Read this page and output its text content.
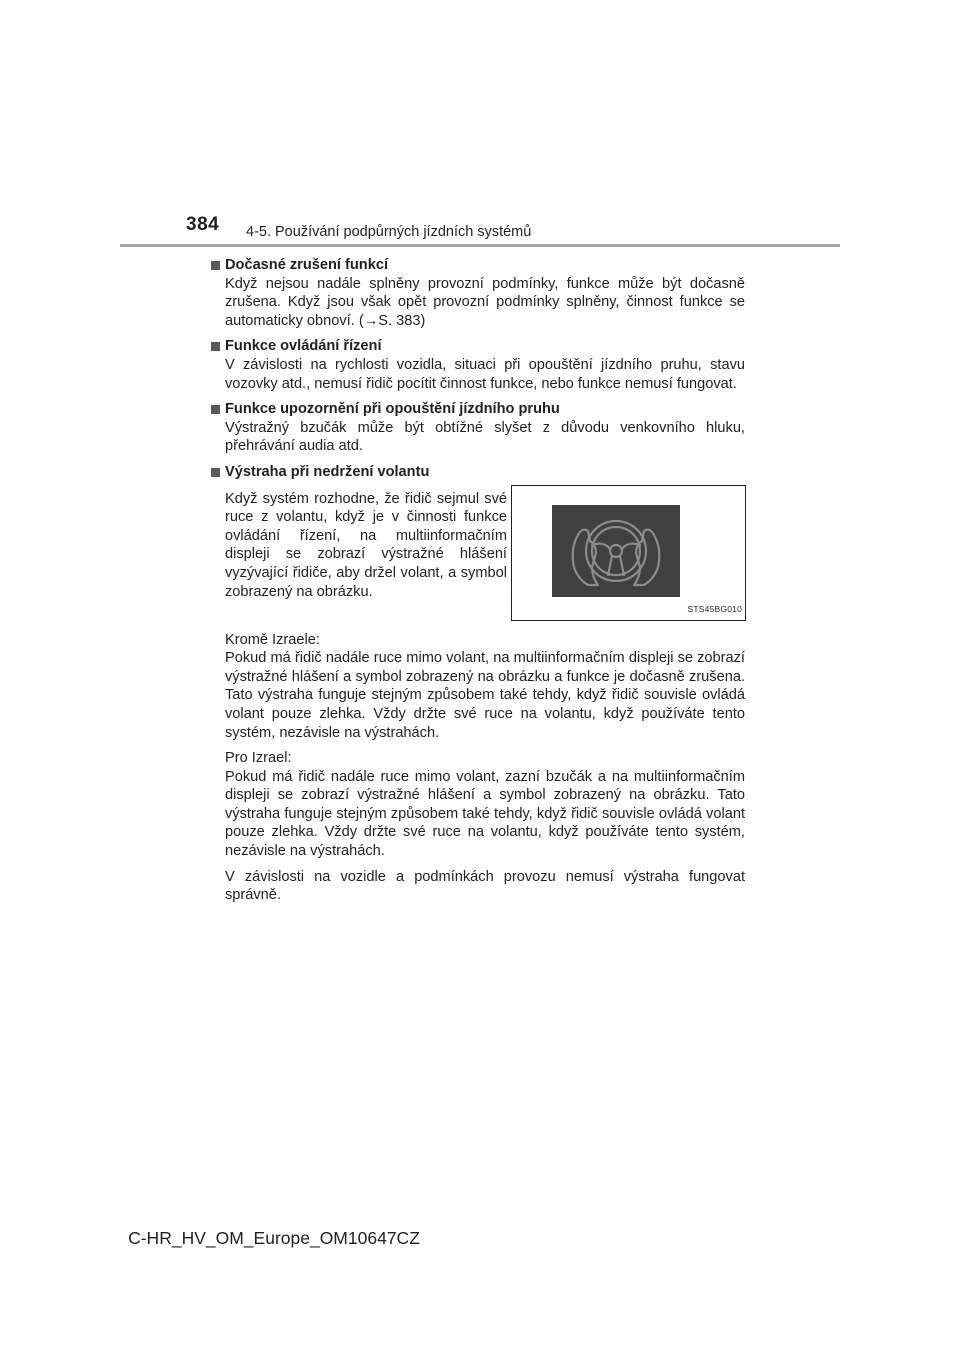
384 4-5. Používání podpůrných jízdních systémů
Dočasné zrušení funkcí

Když nejsou nadále splněny provozní podmínky, funkce může být dočasně zrušena. Když jsou však opět provozní podmínky splněny, činnost funkce se automaticky obnoví. (→S. 383)

Funkce ovládání řízení

V závislosti na rychlosti vozidla, situaci při opouštění jízdního pruhu, stavu vozovky atd., nemusí řidič pocítit činnost funkce, nebo funkce nemusí fungovat.

Funkce upozornění při opouštění jízdního pruhu

Výstražný bzučák může být obtížné slyšet z důvodu venkovního hluku, přehrávání audia atd.

Výstraha při nedržení volantu

Když systém rozhodne, že řidič sejmul své ruce z volantu, když je v činnosti funkce ovládání řízení, na multiinformačním displeji se zobrazí výstražné hlášení vyzývající řidiče, aby držel volant, a symbol zobrazený na obrázku.

STS45BG010

Kromě Izraele:
Pokud má řidič nadále ruce mimo volant, na multiinformačním displeji se zobrazí výstražné hlášení a symbol zobrazený na obrázku a funkce je dočasně zrušena. Tato výstraha funguje stejným způsobem také tehdy, když řidič souvisle ovládá volant pouze zlehka. Vždy držte své ruce na volantu, když používáte tento systém, nezávisle na výstrahách.

Pro Izrael:
Pokud má řidič nadále ruce mimo volant, zazní bzučák a na multiinformačním displeji se zobrazí výstražné hlášení a symbol zobrazený na obrázku. Tato výstraha funguje stejným způsobem také tehdy, když řidič souvisle ovládá volant pouze zlehka. Vždy držte své ruce na volantu, když používáte tento systém, nezávisle na výstrahách.

V závislosti na vozidle a podmínkách provozu nemusí výstraha fungovat správně.

C-HR_HV_OM_Europe_OM10647CZ
